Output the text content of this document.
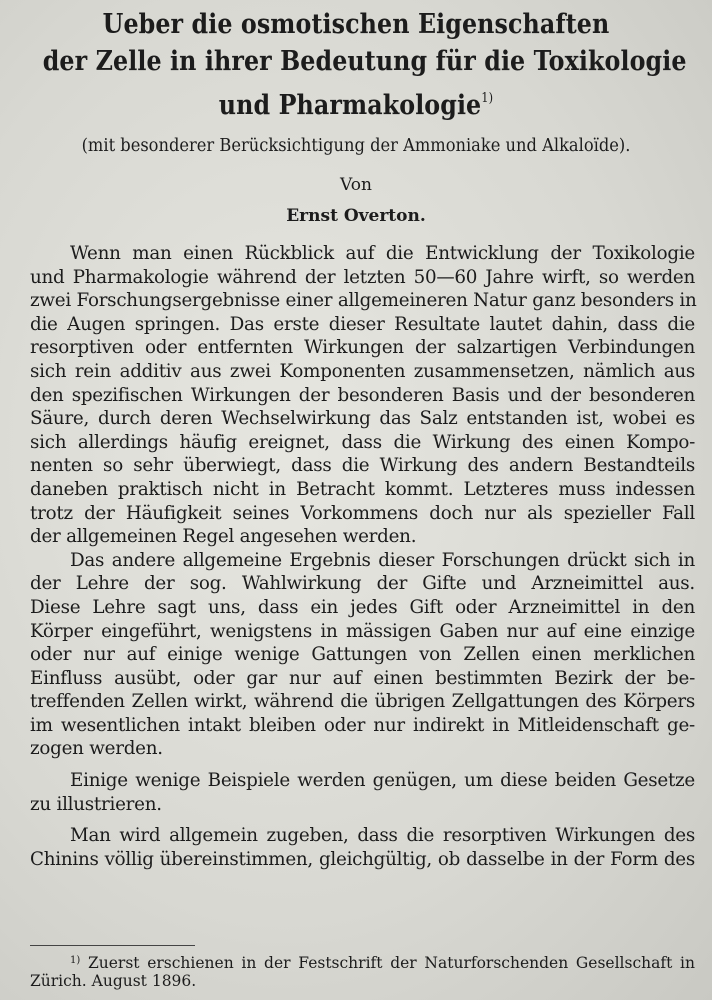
Ueber die osmotischen Eigenschaften
der Zelle in ihrer Bedeutung für die Toxikologie
und Pharmakologie$^{1)}$
(mit besonderer Berücksichtigung der Ammoniake und Alkaloïde).
Von
Ernst Overton.
Wenn man einen Rückblick auf die Entwicklung der Toxikologie
und Pharmakologie während der letzten 50—60 Jahre wirft, so werden
zwei Forschungsergebnisse einer allgemeineren Natur ganz besonders in
die Augen springen. Das erste dieser Resultate lautet dahin, dass die
resorptiven oder entfernten Wirkungen der salzartigen Verbindungen
sich rein additiv aus zwei Komponenten zusammensetzen, nämlich aus
den spezifischen Wirkungen der besonderen Basis und der besonderen
Säure, durch deren Wechselwirkung das Salz entstanden ist, wobei es
sich allerdings häufig ereignet, dass die Wirkung des einen Kompo-
nenten so sehr überwiegt, dass die Wirkung des andern Bestandteils
daneben praktisch nicht in Betracht kommt. Letzteres muss indessen
trotz der Häufigkeit seines Vorkommens doch nur als spezieller Fall
der allgemeinen Regel angesehen werden.
Das andere allgemeine Ergebnis dieser Forschungen drückt sich in
der Lehre der sog. Wahlwirkung der Gifte und Arzneimittel aus.
Diese Lehre sagt uns, dass ein jedes Gift oder Arzneimittel in den
Körper eingeführt, wenigstens in mässigen Gaben nur auf eine einzige
oder nur auf einige wenige Gattungen von Zellen einen merklichen
Einfluss ausübt, oder gar nur auf einen bestimmten Bezirk der be-
treffenden Zellen wirkt, während die übrigen Zellgattungen des Körpers
im wesentlichen intakt bleiben oder nur indirekt in Mitleidenschaft ge-
zogen werden.
Einige wenige Beispiele werden genügen, um diese beiden Gesetze
zu illustrieren.
Man wird allgemein zugeben, dass die resorptiven Wirkungen des
Chinins völlig übereinstimmen, gleichgültig, ob dasselbe in der Form des
$^{1)}$ Zuerst erschienen in der Festschrift der Naturforschenden Gesellschaft in
Zürich. August 1896.
